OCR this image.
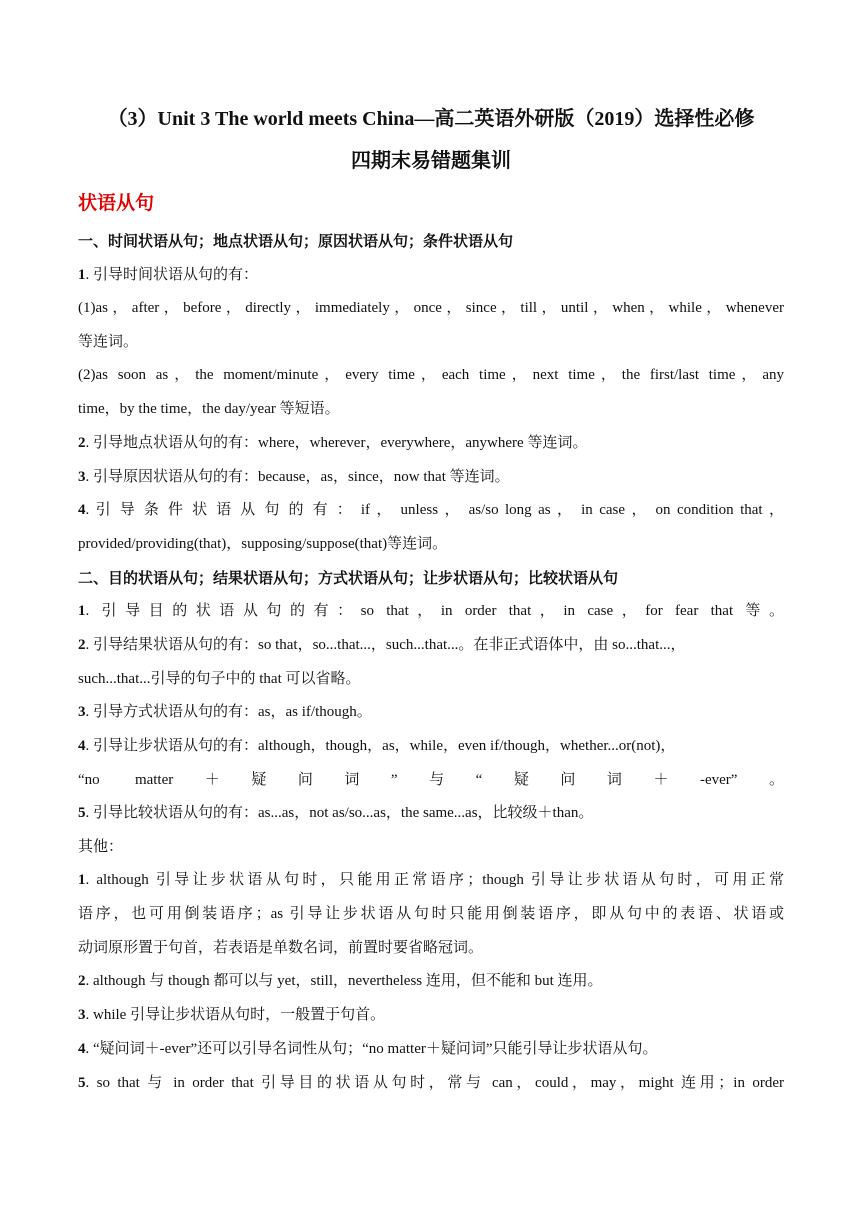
（3）Unit 3 The world meets China—高二英语外研版（2019）选择性必修
四期末易错题集训
状语从句
一、时间状语从句；地点状语从句；原因状语从句；条件状语从句
1. 引导时间状语从句的有：
(1)as，after，before，directly，immediately，once，since，till，until，when，while，whenever
等连词。
(2)as soon as，the moment/minute，every time，each time，next time，the first/last time，any
time，by the time，the day/year 等短语。
2. 引导地点状语从句的有：where，wherever，everywhere，anywhere 等连词。
3. 引导原因状语从句的有：because，as，since，now that 等连词。
4. 引 导 条 件 状 语 从 句 的 有 ： if ， unless ， as/so long as ， in case ， on condition that ，
provided/providing(that)，supposing/suppose(that)等连词。
二、目的状语从句；结果状语从句；方式状语从句；让步状语从句；比较状语从句
1. 引导目的状语从句的有：so that，in order that，in case，for fear that 等。
2. 引导结果状语从句的有：so that，so...that...，such...that...。在非正式语体中，由 so...that...，
such...that...引导的句子中的 that 可以省略。
3. 引导方式状语从句的有：as，as if/though。
4. 引导让步状语从句的有：although，though，as，while，even if/though，whether...or(not)，
“no matter＋疑问词”与“疑问词＋-ever”。
5. 引导比较状语从句的有：as...as，not as/so...as，the same...as，比较级＋than。
其他：
1. although 引导让步状语从句时，只能用正常语序；though 引导让步状语从句时，可用正常
语序，也可用倒装语序；as 引导让步状语从句时只能用倒装语序，即从句中的表语、状语或
动词原形置于句首，若表语是单数名词，前置时要省略冠词。
2. although 与 though 都可以与 yet，still，nevertheless 连用，但不能和 but 连用。
3. while 引导让步状语从句时，一般置于句首。
4. “疑问词＋-ever”还可以引导名词性从句；“no matter＋疑问词”只能引导让步状语从句。
5. so that 与 in order that 引导目的状语从句时，常与 can，could，may，might 连用；in order
